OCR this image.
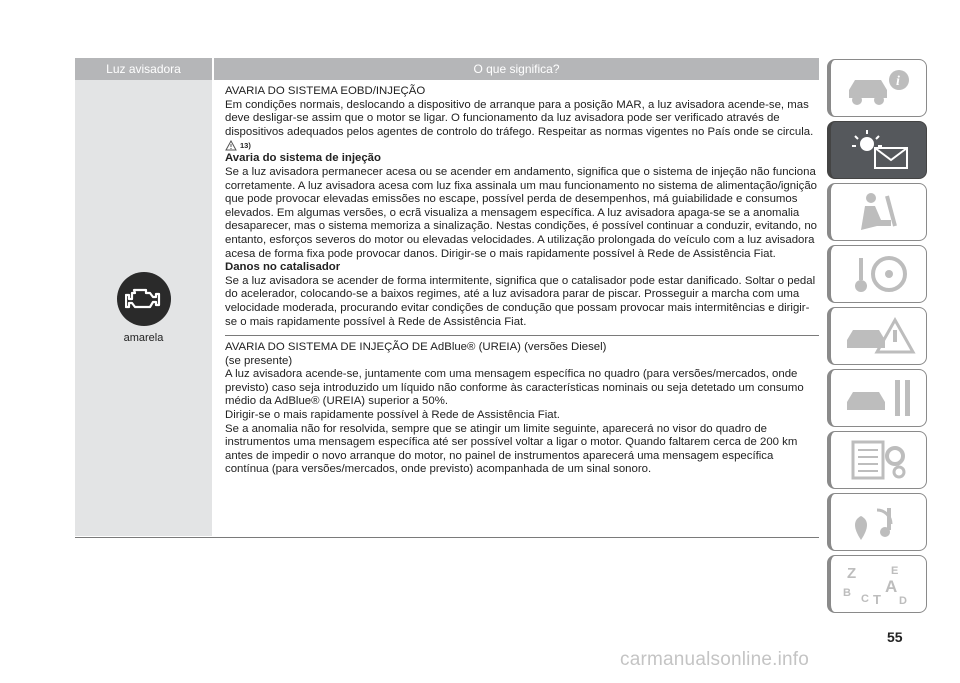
Luz avisadora	O que significa?
amarela

AVARIA DO SISTEMA EOBD/INJEÇÃO

Em condições normais, deslocando a dispositivo de arranque para a posição MAR, a luz avisadora acende-se, mas deve desligar-se assim que o motor se ligar. O funcionamento da luz avisadora pode ser verificado através de dispositivos adequados pelos agentes de controlo do tráfego. Respeitar as normas vigentes no País onde se circula.

13)

Avaria do sistema de injeção

Se a luz avisadora permanecer acesa ou se acender em andamento, significa que o sistema de injeção não funciona corretamente. A luz avisadora acesa com luz fixa assinala um mau funcionamento no sistema de alimentação/ignição que pode provocar elevadas emissões no escape, possível perda de desempenhos, má guiabilidade e consumos elevados. Em algumas versões, o ecrã visualiza a mensagem específica. A luz avisadora apaga-se se a anomalia desaparecer, mas o sistema memoriza a sinalização. Nestas condições, é possível continuar a conduzir, evitando, no entanto, esforços severos do motor ou elevadas velocidades. A utilização prolongada do veículo com a luz avisadora acesa de forma fixa pode provocar danos. Dirigir-se o mais rapidamente possível à Rede de Assistência Fiat.

Danos no catalisador

Se a luz avisadora se acender de forma intermitente, significa que o catalisador pode estar danificado. Soltar o pedal do acelerador, colocando-se a baixos regimes, até a luz avisadora parar de piscar. Prosseguir a marcha com uma velocidade moderada, procurando evitar condições de condução que possam provocar mais intermitências e dirigir-se o mais rapidamente possível à Rede de Assistência Fiat.

AVARIA DO SISTEMA DE INJEÇÃO DE AdBlue® (UREIA) (versões Diesel)

(se presente)

A luz avisadora acende-se, juntamente com uma mensagem específica no quadro (para versões/mercados, onde previsto) caso seja introduzido um líquido não conforme às características nominais ou seja detetado um consumo médio da AdBlue® (UREIA) superior a 50%.

Dirigir-se o mais rapidamente possível à Rede de Assistência Fiat.

Se a anomalia não for resolvida, sempre que se atingir um limite seguinte, aparecerá no visor do quadro de instrumentos uma mensagem específica até ser possível voltar a ligar o motor. Quando faltarem cerca de 200 km antes de impedir o novo arranque do motor, no painel de instrumentos aparecerá uma mensagem específica contínua (para versões/mercados, onde previsto) acompanhada de um sinal sonoro.

i
Z	E
B C
A
T D
55
carmanualsonline.info
